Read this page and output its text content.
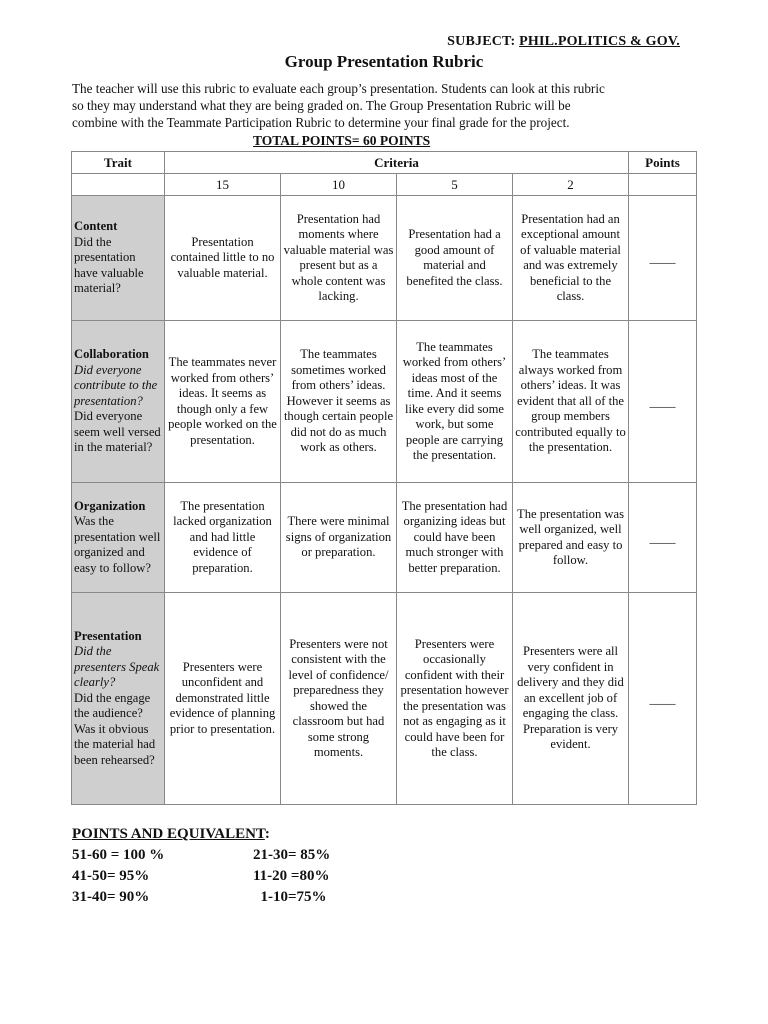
SUBJECT: PHIL.POLITICS & GOV.
Group Presentation Rubric

The teacher will use this rubric to evaluate each group’s presentation. Students can look at this rubric

so they may understand what they are being graded on. The Group Presentation Rubric will be

combine with the Teammate Participation Rubric to determine your final grade for the project.

TOTAL POINTS= 60 POINTS
Trait	Criteria				Points
	15	10	5	2	

Content
Did the presentation have valuable material?	Presentation contained little to no valuable material.	Presentation had moments where valuable material was present but as a whole content was lacking.	Presentation had a good amount of material and benefited the class.	Presentation had an exceptional amount of valuable material and was extremely beneficial to the class.	____

Collaboration
Did everyone contribute to the presentation?
Did everyone seem well versed in the material?	The teammates never worked from others’ ideas. It seems as though only a few people worked on the presentation.	The teammates sometimes worked from others’ ideas. However it seems as though certain people did not do as much work as others.	The teammates worked from others’ ideas most of the time. And it seems like every did some work, but some people are carrying the presentation.	The teammates always worked from others’ ideas. It was evident that all of the group members contributed equally to the presentation.	____

Organization
Was the presentation well organized and easy to follow?	The presentation lacked organization and had little evidence of preparation.	There were minimal signs of organization or preparation.	The presentation had organizing ideas but could have been much stronger with better preparation.	The presentation was well organized, well prepared and easy to follow.	____

Presentation
Did the presenters Speak clearly?
Did the engage the audience? Was it obvious the material had been rehearsed?	Presenters were unconfident and demonstrated little evidence of planning prior to presentation.	Presenters were not consistent with the level of confidence/ preparedness they showed the classroom but had some strong moments.	Presenters were occasionally confident with their presentation however the presentation was not as engaging as it could have been for the class.	Presenters were all very confident in delivery and they did an excellent job of engaging the class. Preparation is very evident.	____
POINTS AND EQUIVALENT:
51-60 = 100 %	21-30= 85%
41-50= 95%	11-20 =80%
31-40= 90%	1-10=75%
